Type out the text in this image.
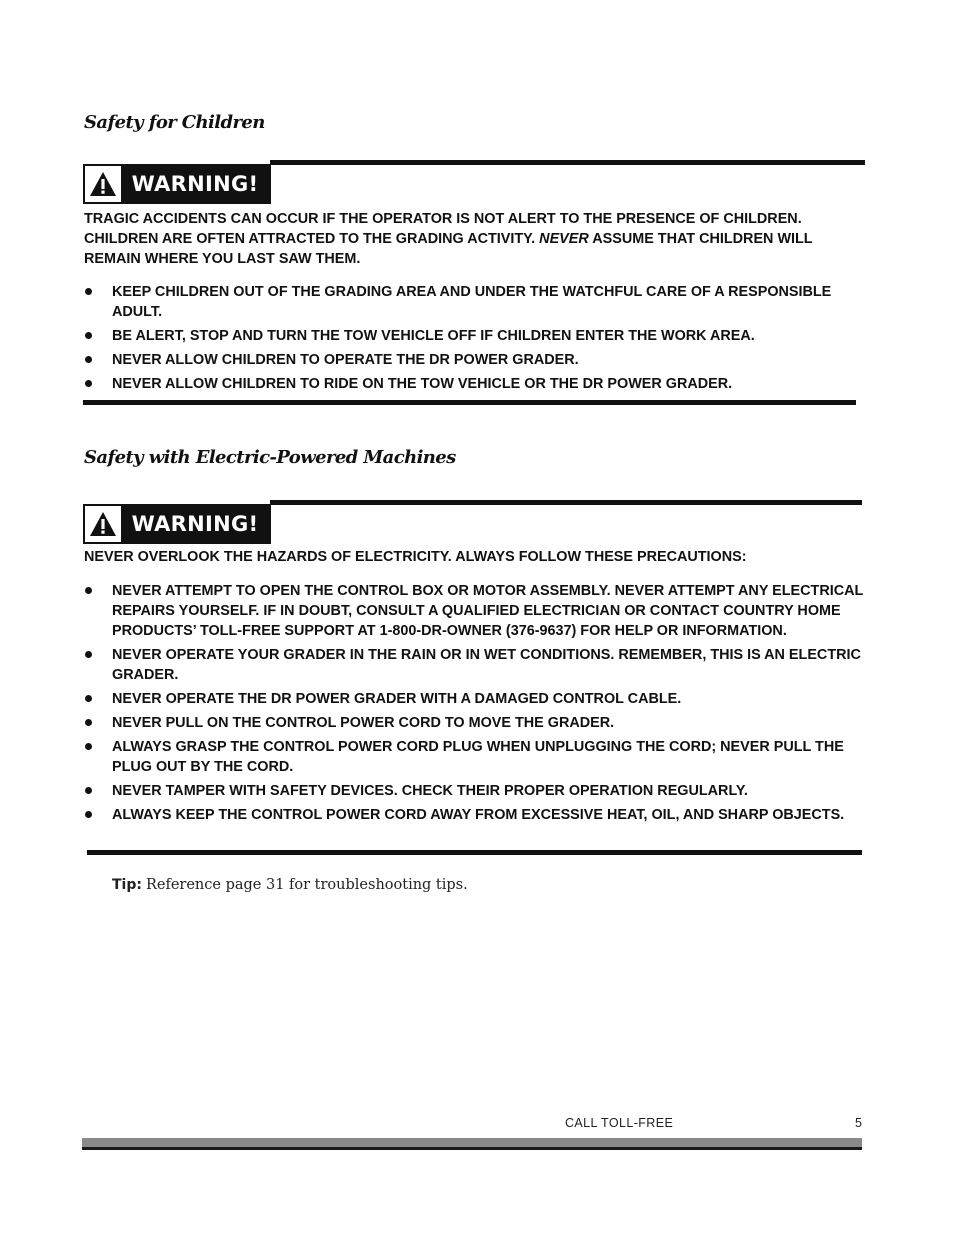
Safety for Children
WARNING!

TRAGIC ACCIDENTS CAN OCCUR IF THE OPERATOR IS NOT ALERT TO THE PRESENCE OF CHILDREN. CHILDREN ARE OFTEN ATTRACTED TO THE GRADING ACTIVITY. NEVER ASSUME THAT CHILDREN WILL REMAIN WHERE YOU LAST SAW THEM.

KEEP CHILDREN OUT OF THE GRADING AREA AND UNDER THE WATCHFUL CARE OF A RESPONSIBLE ADULT.
BE ALERT, STOP AND TURN THE TOW VEHICLE OFF IF CHILDREN ENTER THE WORK AREA.
NEVER ALLOW CHILDREN TO OPERATE THE DR POWER GRADER.
NEVER ALLOW CHILDREN TO RIDE ON THE TOW VEHICLE OR THE DR POWER GRADER.
Safety with Electric-Powered Machines
WARNING!

NEVER OVERLOOK THE HAZARDS OF ELECTRICITY. ALWAYS FOLLOW THESE PRECAUTIONS:

NEVER ATTEMPT TO OPEN THE CONTROL BOX OR MOTOR ASSEMBLY. NEVER ATTEMPT ANY ELECTRICAL REPAIRS YOURSELF. IF IN DOUBT, CONSULT A QUALIFIED ELECTRICIAN OR CONTACT COUNTRY HOME PRODUCTS’ TOLL-FREE SUPPORT AT 1-800-DR-OWNER (376-9637) FOR HELP OR INFORMATION.
NEVER OPERATE YOUR GRADER IN THE RAIN OR IN WET CONDITIONS. REMEMBER, THIS IS AN ELECTRIC GRADER.
NEVER OPERATE THE DR POWER GRADER WITH A DAMAGED CONTROL CABLE.
NEVER PULL ON THE CONTROL POWER CORD TO MOVE THE GRADER.
ALWAYS GRASP THE CONTROL POWER CORD PLUG WHEN UNPLUGGING THE CORD; NEVER PULL THE PLUG OUT BY THE CORD.
NEVER TAMPER WITH SAFETY DEVICES. CHECK THEIR PROPER OPERATION REGULARLY.
ALWAYS KEEP THE CONTROL POWER CORD AWAY FROM EXCESSIVE HEAT, OIL, AND SHARP OBJECTS.
Tip: Reference page 31 for troubleshooting tips.
CALL TOLL-FREE	5
